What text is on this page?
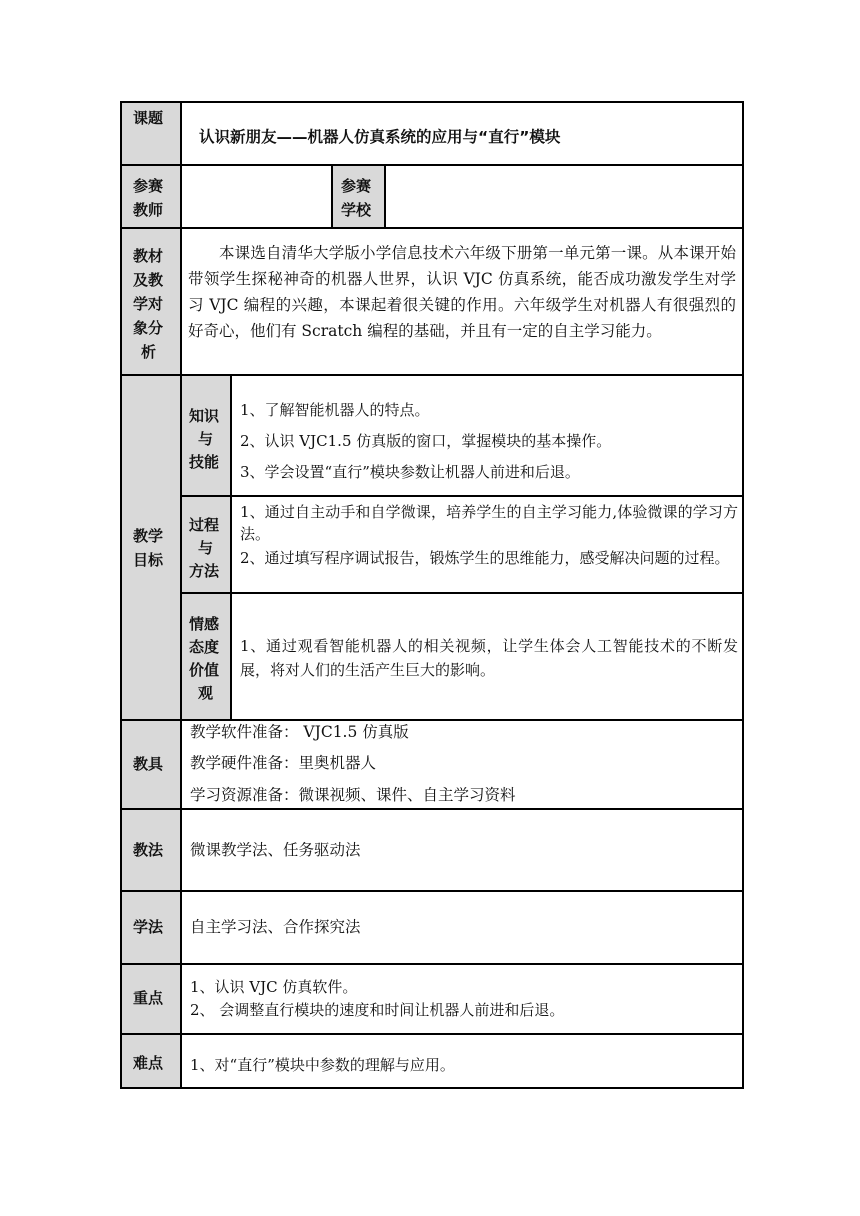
课题
认识新朋友——机器人仿真系统的应用与“直行”模块
参赛
教师
参赛
学校
教材
及教
学对
象分
析
本课选自清华大学版小学信息技术六年级下册第一单元第一课。从本课开始带领学生探秘神奇的机器人世界，认识 VJC 仿真系统，能否成功激发学生对学习 VJC 编程的兴趣，本课起着很关键的作用。六年级学生对机器人有很强烈的好奇心，他们有 Scratch 编程的基础，并且有一定的自主学习能力。
教学
目标
知识
与
技能
1、了解智能机器人的特点。
2、认识 VJC1.5 仿真版的窗口，掌握模块的基本操作。
3、学会设置“直行”模块参数让机器人前进和后退。
过程
与
方法
1、通过自主动手和自学微课，培养学生的自主学习能力,体验微课的学习方法。
2、通过填写程序调试报告，锻炼学生的思维能力，感受解决问题的过程。
情感
态度
价值
观
1、通过观看智能机器人的相关视频，让学生体会人工智能技术的不断发展，将对人们的生活产生巨大的影响。
教具
教学软件准备： VJC1.5 仿真版
教学硬件准备：里奥机器人
学习资源准备：微课视频、课件、自主学习资料
教法 微课教学法、任务驱动法
学法 自主学习法、合作探究法
重点
1、认识 VJC 仿真软件。
2、 会调整直行模块的速度和时间让机器人前进和后退。
难点 1、对“直行”模块中参数的理解与应用。
